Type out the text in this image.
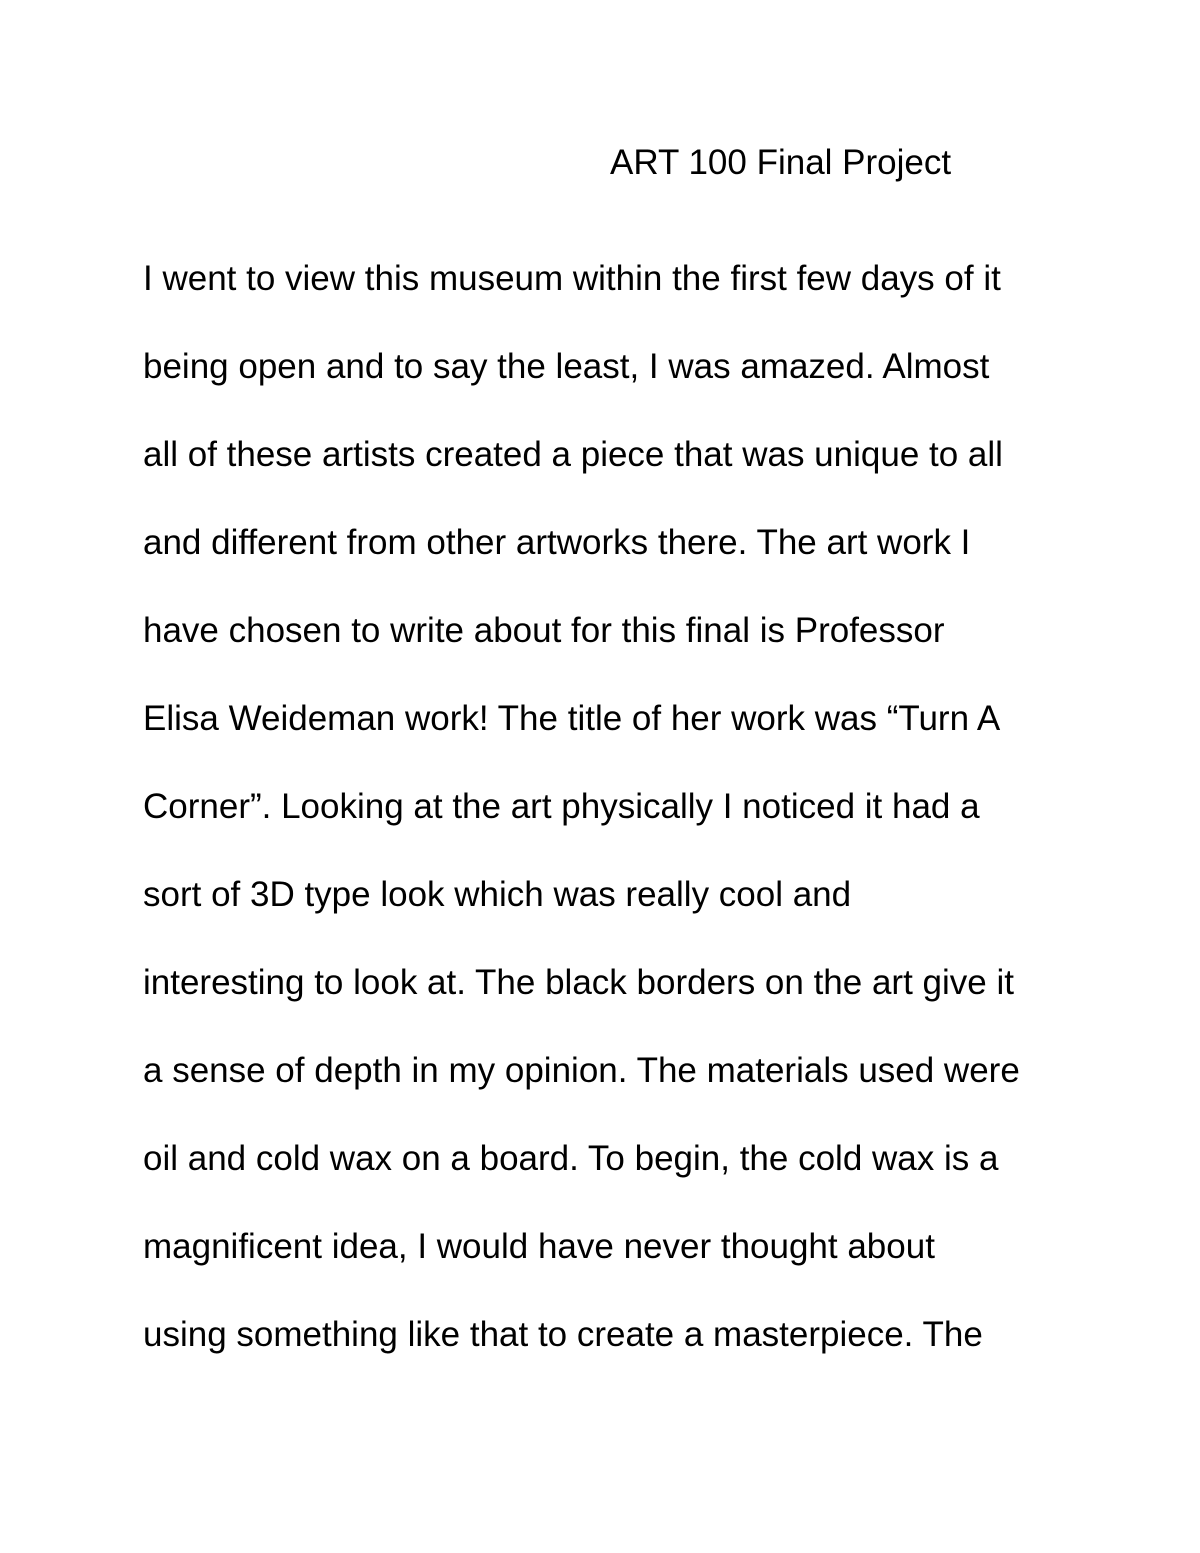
ART 100 Final Project
I went to view this museum within the first few days of it
being open and to say the least, I was amazed. Almost
all of these artists created a piece that was unique to all
and different from other artworks there. The art work I
have chosen to write about for this final is Professor
Elisa Weideman work! The title of her work was “Turn A
Corner”. Looking at the art physically I noticed it had a
sort of 3D type look which was really cool and
interesting to look at. The black borders on the art give it
a sense of depth in my opinion. The materials used were
oil and cold wax on a board. To begin, the cold wax is a
magnificent idea, I would have never thought about
using something like that to create a masterpiece. The
